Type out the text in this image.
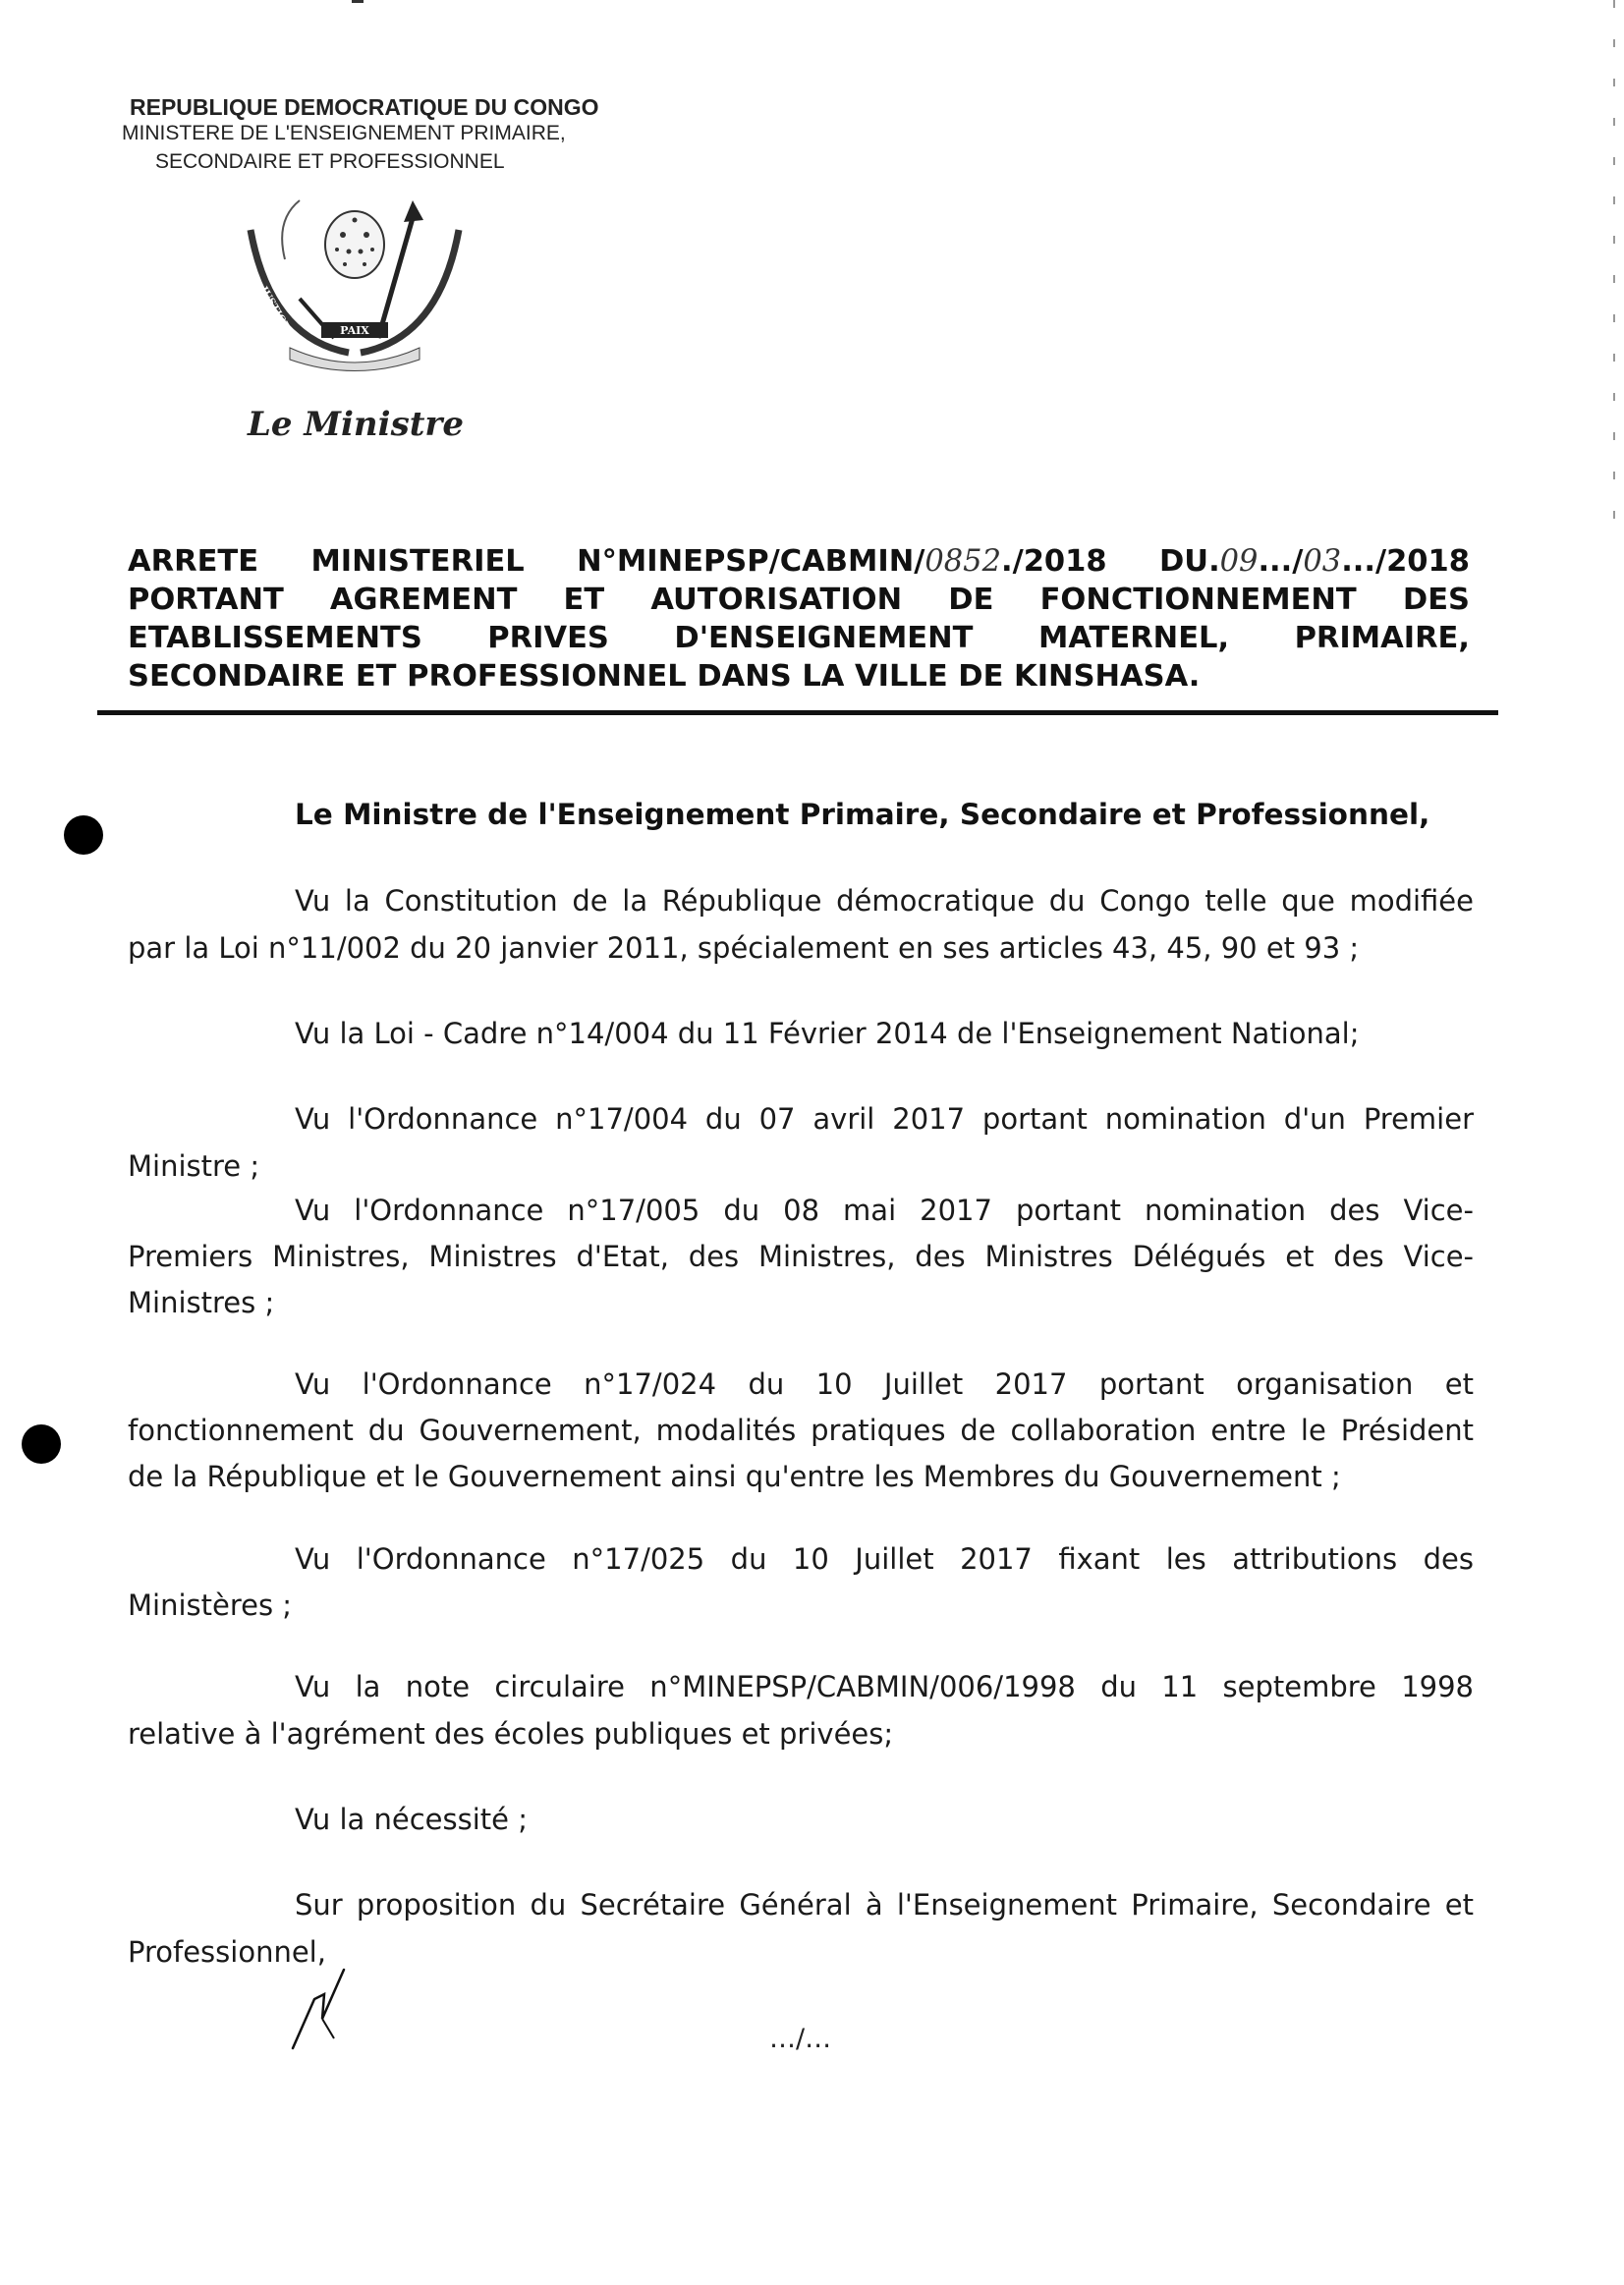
REPUBLIQUE DEMOCRATIQUE DU CONGO
MINISTERE DE L'ENSEIGNEMENT PRIMAIRE,
SECONDAIRE ET PROFESSIONNEL
PAIX
JUSTICE
TRAVAIL
Le Ministre
ARRETE MINISTERIEL N°MINEPSP/CABMIN/0852./2018 DU.09.../03.../2018
PORTANT AGREMENT ET AUTORISATION DE FONCTIONNEMENT DES
ETABLISSEMENTS PRIVES D'ENSEIGNEMENT MATERNEL, PRIMAIRE,
SECONDAIRE ET PROFESSIONNEL DANS LA VILLE DE KINSHASA.
Le Ministre de l'Enseignement Primaire, Secondaire et Professionnel,
Vu la Constitution de la République démocratique du Congo telle que modifiée
par la Loi n°11/002 du 20 janvier 2011, spécialement en ses articles 43, 45, 90 et 93 ;
Vu la Loi - Cadre n°14/004 du 11 Février 2014 de l'Enseignement National;
Vu l'Ordonnance n°17/004 du 07 avril 2017 portant nomination d'un Premier
Ministre ;
Vu l'Ordonnance n°17/005 du 08 mai 2017 portant nomination des Vice-
Premiers Ministres, Ministres d'Etat, des Ministres, des Ministres Délégués et des Vice-
Ministres ;
Vu l'Ordonnance n°17/024 du 10 Juillet 2017 portant organisation et
fonctionnement du Gouvernement, modalités pratiques de collaboration entre le Président
de la République et le Gouvernement ainsi qu'entre les Membres du Gouvernement ;
Vu l'Ordonnance n°17/025 du 10 Juillet 2017 fixant les attributions des
Ministères ;
Vu la note circulaire n°MINEPSP/CABMIN/006/1998 du 11 septembre 1998
relative à l'agrément des écoles publiques et privées;
Vu la nécessité ;
Sur proposition du Secrétaire Général à l'Enseignement Primaire, Secondaire et
Professionnel,
…/…
